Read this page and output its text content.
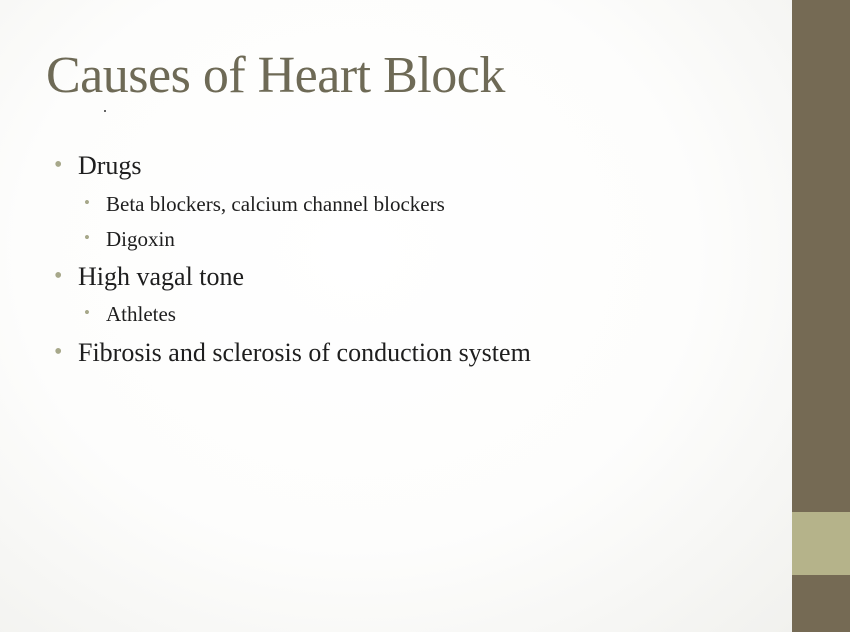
Causes of Heart Block
• Drugs
• Beta blockers, calcium channel blockers
• Digoxin
• High vagal tone
• Athletes
• Fibrosis and sclerosis of conduction system
